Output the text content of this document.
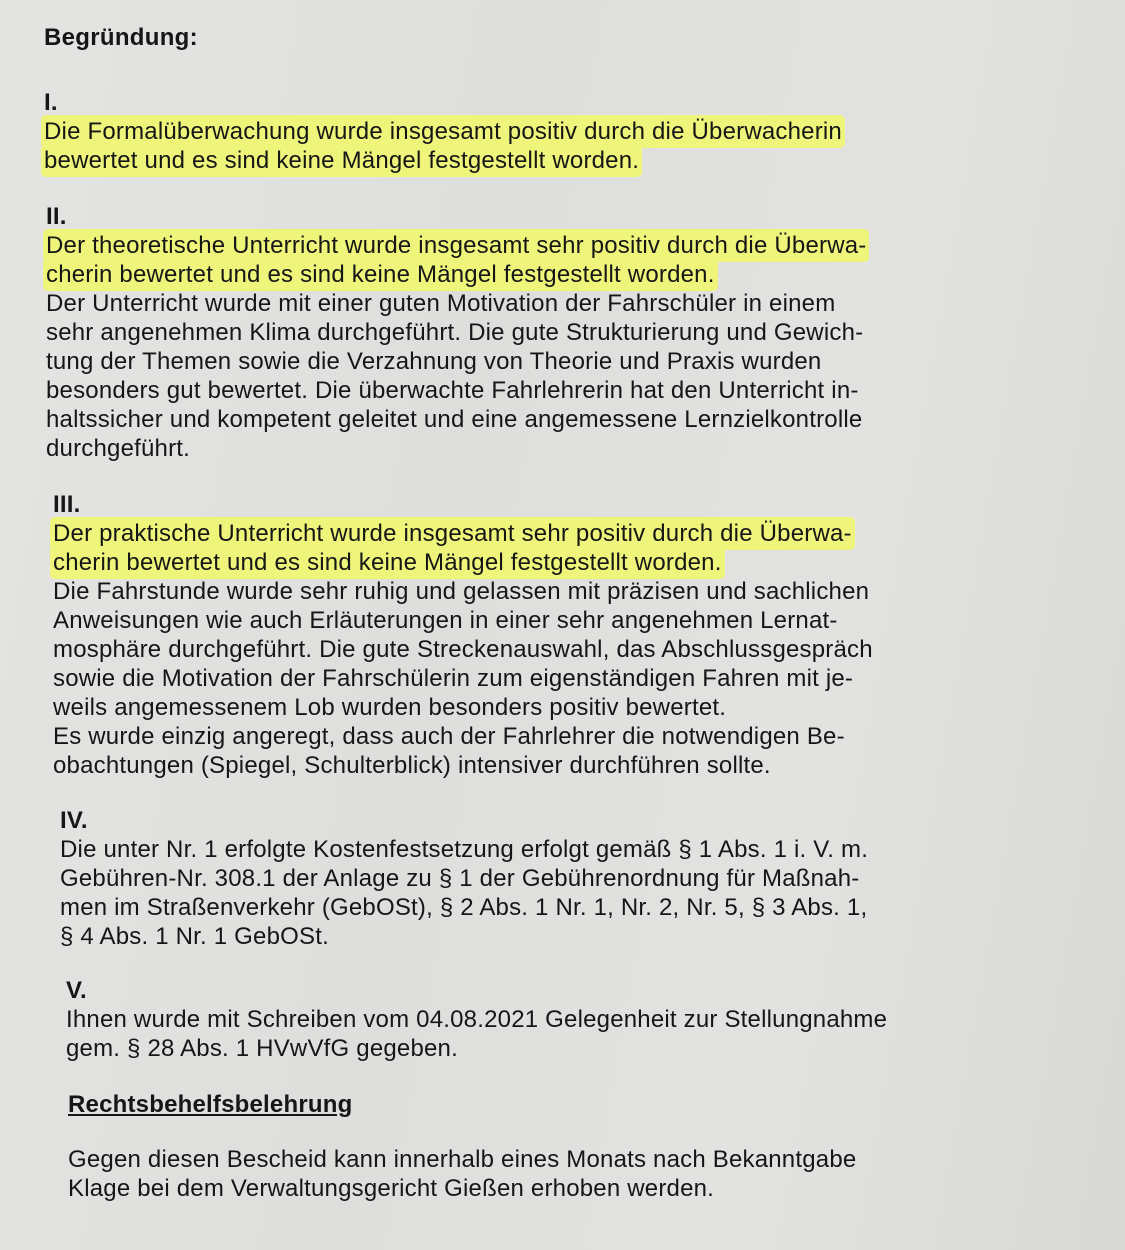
Begründung:
I.
Die Formalüberwachung wurde insgesamt positiv durch die Überwacherin
bewertet und es sind keine Mängel festgestellt worden.
II.
Der theoretische Unterricht wurde insgesamt sehr positiv durch die Überwa-
cherin bewertet und es sind keine Mängel festgestellt worden.
Der Unterricht wurde mit einer guten Motivation der Fahrschüler in einem
sehr angenehmen Klima durchgeführt. Die gute Strukturierung und Gewich-
tung der Themen sowie die Verzahnung von Theorie und Praxis wurden
besonders gut bewertet. Die überwachte Fahrlehrerin hat den Unterricht in-
haltssicher und kompetent geleitet und eine angemessene Lernzielkontrolle
durchgeführt.
III.
Der praktische Unterricht wurde insgesamt sehr positiv durch die Überwa-
cherin bewertet und es sind keine Mängel festgestellt worden.
Die Fahrstunde wurde sehr ruhig und gelassen mit präzisen und sachlichen
Anweisungen wie auch Erläuterungen in einer sehr angenehmen Lernat-
mosphäre durchgeführt. Die gute Streckenauswahl, das Abschlussgespräch
sowie die Motivation der Fahrschülerin zum eigenständigen Fahren mit je-
weils angemessenem Lob wurden besonders positiv bewertet.
Es wurde einzig angeregt, dass auch der Fahrlehrer die notwendigen Be-
obachtungen (Spiegel, Schulterblick) intensiver durchführen sollte.
IV.
Die unter Nr. 1 erfolgte Kostenfestsetzung erfolgt gemäß § 1 Abs. 1 i. V. m.
Gebühren-Nr. 308.1 der Anlage zu § 1 der Gebührenordnung für Maßnah-
men im Straßenverkehr (GebOSt), § 2 Abs. 1 Nr. 1, Nr. 2, Nr. 5, § 3 Abs. 1,
§ 4 Abs. 1 Nr. 1 GebOSt.
V.
Ihnen wurde mit Schreiben vom 04.08.2021 Gelegenheit zur Stellungnahme
gem. § 28 Abs. 1 HVwVfG gegeben.
Rechtsbehelfsbelehrung
Gegen diesen Bescheid kann innerhalb eines Monats nach Bekanntgabe
Klage bei dem Verwaltungsgericht Gießen erhoben werden.
